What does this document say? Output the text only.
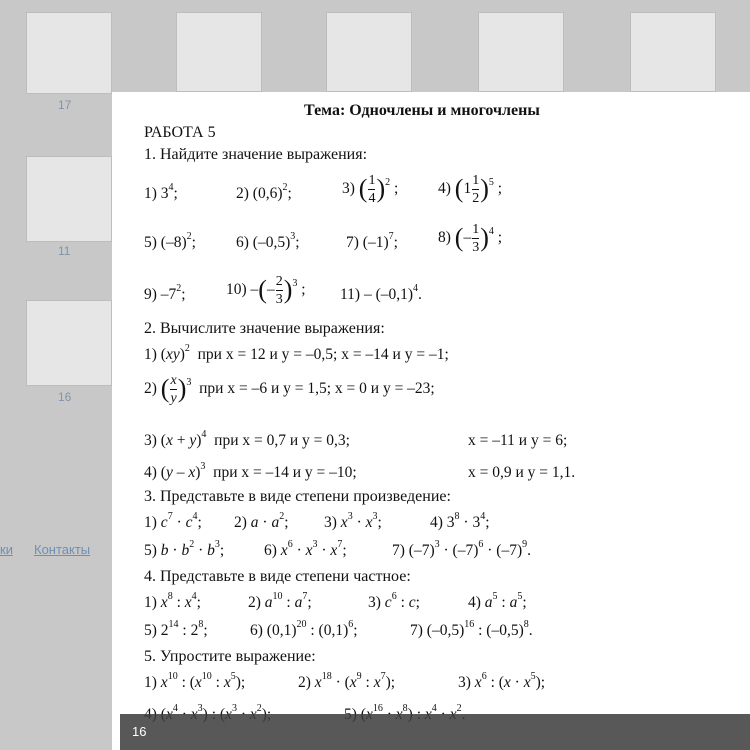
17
11
16
ки Контакты
Тема: Одночлены и многочлены
РАБОТА 5
1. Найдите значение выражения:
1) $3^4$;	2) $(0,6)^2$;	3) ( $\frac{1}{4} )^2$ ;	4) $(1 \frac{1}{2} )^5$ ;
5) $(-8)^2$;	6) $(-0,5)^3$;	7) $(-1)^7$;	8) (– $\frac{1}{3} )^4$ ;
9) $-7^2$;	10) –(– $\frac{2}{3} )^3$ ; $11) - (-0,1)^4$.
2. Вычислите значение выражения:
1) (xy)$^2$ при x = 12 и y = –0,5; x = –14 и y = –1;
2) ( $\frac{x}{y} )^3$ при x = –6 и y = 1,5; x = 0 и y = –23;
3) $(x + y)^4$ при x = 0,7 и y = 0,3;	x = –11 и y = 6;
4) (y – x)$^3$ при x = –14 и y = –10;	x = 0,9 и y = 1,1.
3. Представьте в виде степени произведение:
1) $c^7 \cdot c^4$; 2) $a \cdot a^2$; 3) $x^3 \cdot x^3$;	4) $3^8 \cdot 3^4$;
5) $b \cdot b^2 \cdot b^3$;	6) $x^6 \cdot x^3 \cdot x^7$;	7) $(-7)^3 \cdot (-7)^6 \cdot (-7)^9$.
4. Представьте в виде степени частное:
1) $x^8$ : $x^4$;	2) $a^{10}$ : $a^7$;	3) $c^6$ : c;	4) $a^5$ : $a^5$;
5) $2^{14}$ : $2^8$;	6) $(0,1)^{20}$ : $(0,1)^6$;	7) $(-0,5)^{16}$ : $(-0,5)^8$.
5. Упростите выражение:
1) $x^{10}$ : ($x^{10}$ : $x^5$);	2) $x^{18} \cdot (x^9$ : $x^7$);	3) $x^6$ : $(x \cdot x^5)$;
$^4$ $^3$	$^3$ $^2$	$^{16}$ $^8$ $^4$ $^2$
16
